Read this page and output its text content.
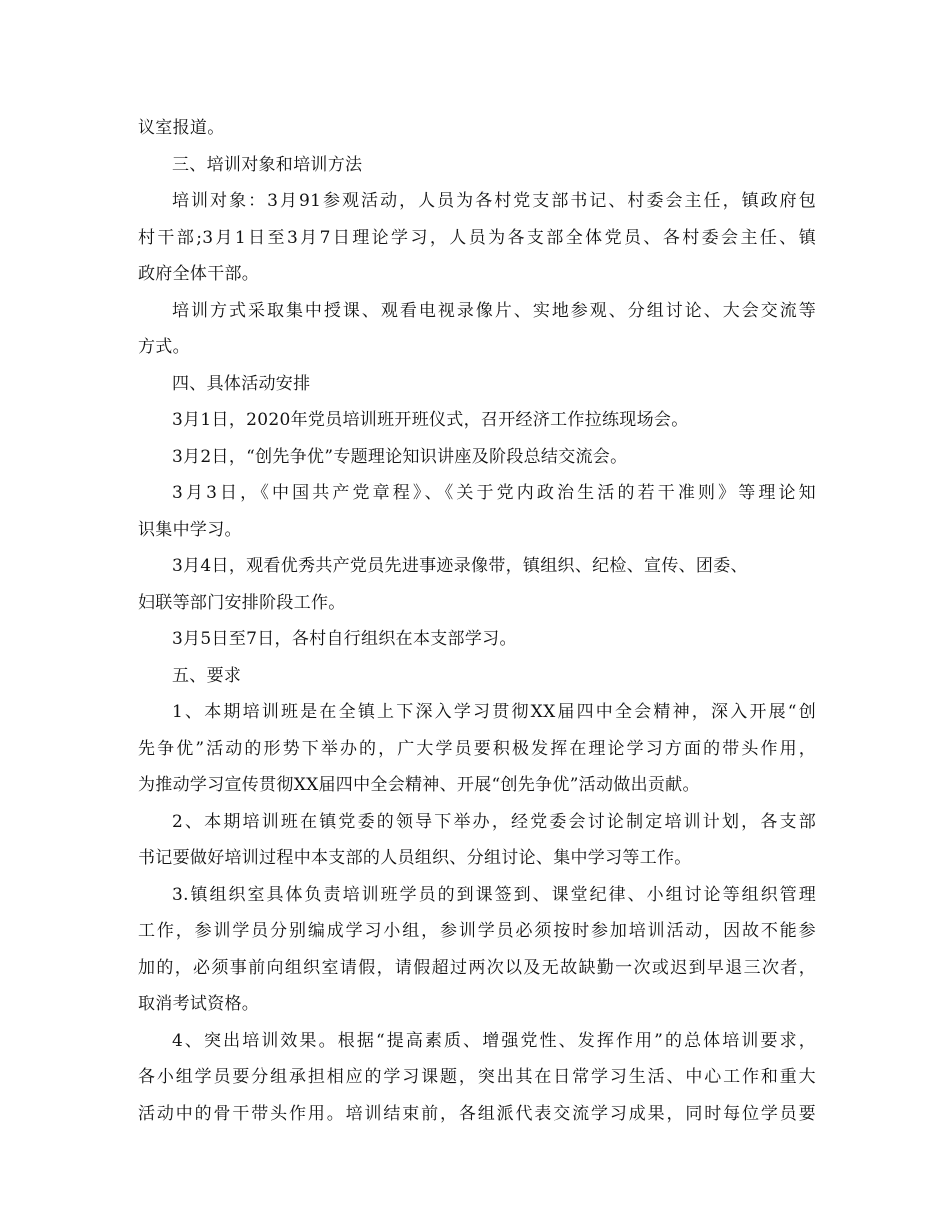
议室报道。
三、培训对象和培训方法
培训对象：3月91参观活动，人员为各村党支部书记、村委会主任，镇政府包
村干部;3月1日至3月7日理论学习，人员为各支部全体党员、各村委会主任、镇
政府全体干部。
培训方式采取集中授课、观看电视录像片、实地参观、分组讨论、大会交流等
方式。
四、具体活动安排
3月1日，2020年党员培训班开班仪式，召开经济工作拉练现场会。
3月2日，“创先争优”专题理论知识讲座及阶段总结交流会。
3月3日，《中国共产党章程》、《关于党内政治生活的若干准则》等理论知
识集中学习。
3月4日，观看优秀共产党员先进事迹录像带，镇组织、纪检、宣传、团委、
妇联等部门安排阶段工作。
3月5日至7日，各村自行组织在本支部学习。
五、要求
1、本期培训班是在全镇上下深入学习贯彻XX届四中全会精神，深入开展“创
先争优”活动的形势下举办的，广大学员要积极发挥在理论学习方面的带头作用，
为推动学习宣传贯彻XX届四中全会精神、开展“创先争优”活动做出贡献。
2、本期培训班在镇党委的领导下举办，经党委会讨论制定培训计划，各支部
书记要做好培训过程中本支部的人员组织、分组讨论、集中学习等工作。
3.镇组织室具体负责培训班学员的到课签到、课堂纪律、小组讨论等组织管理
工作，参训学员分别编成学习小组，参训学员必须按时参加培训活动，因故不能参
加的，必须事前向组织室请假，请假超过两次以及无故缺勤一次或迟到早退三次者，
取消考试资格。
4、突出培训效果。根据“提高素质、增强党性、发挥作用”的总体培训要求，
各小组学员要分组承担相应的学习课题，突出其在日常学习生活、中心工作和重大
活动中的骨干带头作用。培训结束前，各组派代表交流学习成果，同时每位学员要
